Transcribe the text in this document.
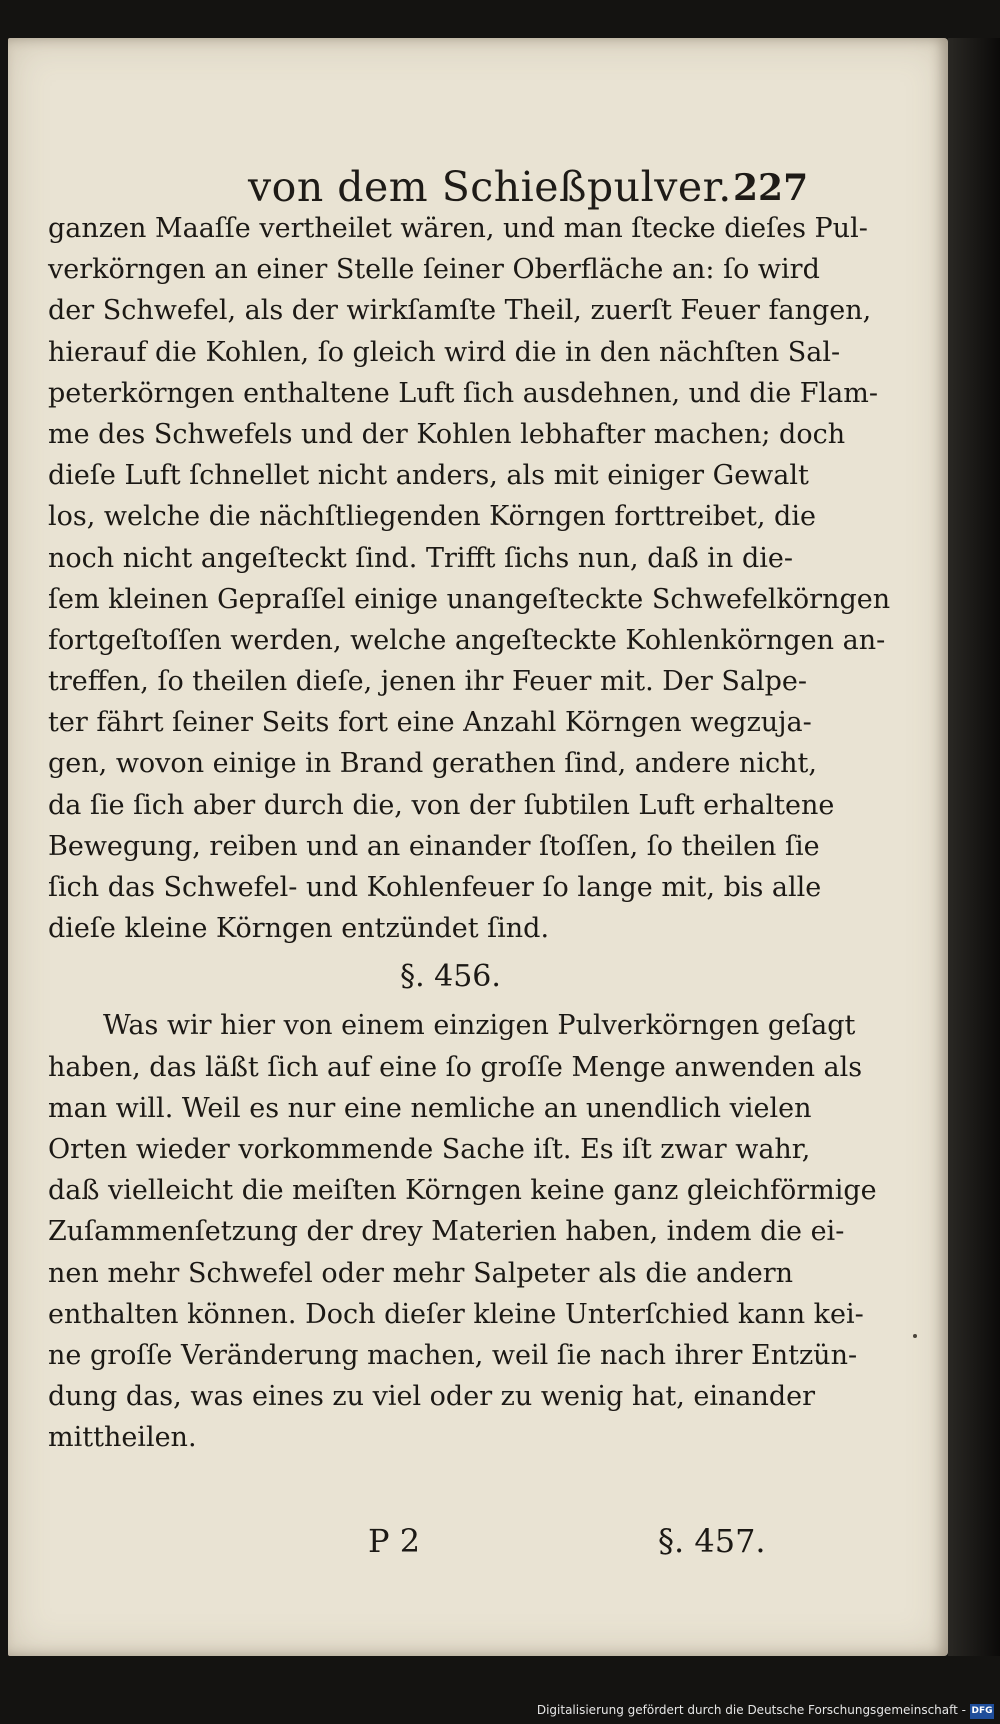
von dem Schießpulver. 227
ganzen Maaſſe vertheilet wären, und man ſtecke dieſes Pul-
verkörngen an einer Stelle ſeiner Oberfläche an: ſo wird
der Schwefel, als der wirkſamſte Theil, zuerſt Feuer fangen,
hierauf die Kohlen, ſo gleich wird die in den nächſten Sal-
peterkörngen enthaltene Luft ſich ausdehnen, und die Flam-
me des Schwefels und der Kohlen lebhafter machen; doch
dieſe Luft ſchnellet nicht anders, als mit einiger Gewalt
los, welche die nächſtliegenden Körngen forttreibet, die
noch nicht angeſteckt ſind. Trifft ſichs nun, daß in die-
ſem kleinen Gepraſſel einige unangeſteckte Schwefelkörngen
fortgeſtoſſen werden, welche angeſteckte Kohlenkörngen an-
treffen, ſo theilen dieſe, jenen ihr Feuer mit. Der Salpe-
ter fährt ſeiner Seits fort eine Anzahl Körngen wegzuja-
gen, wovon einige in Brand gerathen ſind, andere nicht,
da ſie ſich aber durch die, von der ſubtilen Luft erhaltene
Bewegung, reiben und an einander ſtoſſen, ſo theilen ſie
ſich das Schwefel- und Kohlenfeuer ſo lange mit, bis alle
dieſe kleine Körngen entzündet ſind.
§. 456.
Was wir hier von einem einzigen Pulverkörngen geſagt
haben, das läßt ſich auf eine ſo groſſe Menge anwenden als
man will. Weil es nur eine nemliche an unendlich vielen
Orten wieder vorkommende Sache iſt. Es iſt zwar wahr,
daß vielleicht die meiſten Körngen keine ganz gleichförmige
Zuſammenſetzung der drey Materien haben, indem die ei-
nen mehr Schwefel oder mehr Salpeter als die andern
enthalten können. Doch dieſer kleine Unterſchied kann kei-
ne groſſe Veränderung machen, weil ſie nach ihrer Entzün-
dung das, was eines zu viel oder zu wenig hat, einander
mittheilen.
P 2	§. 457.
Digitalisierung gefördert durch die Deutsche Forschungsgemeinschaft - DFG
